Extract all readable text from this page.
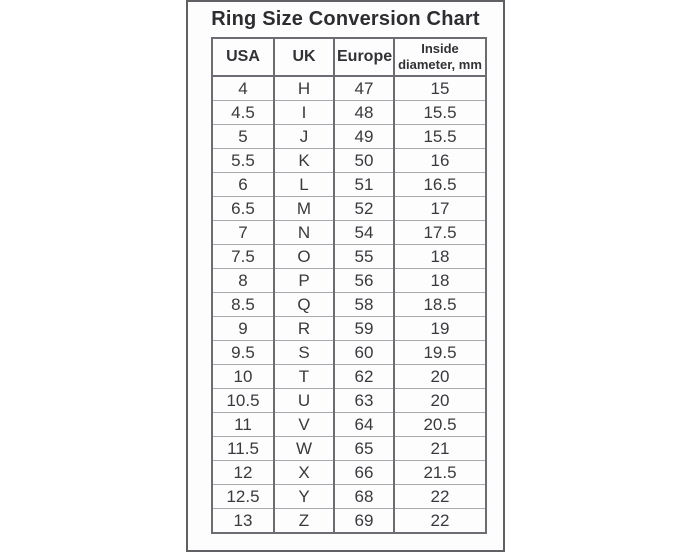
Ring Size Conversion Chart
USA	UK	Europe	Inside diameter, mm
4	H	47	15
4.5	I	48	15.5
5	J	49	15.5
5.5	K	50	16
6	L	51	16.5
6.5	M	52	17
7	N	54	17.5
7.5	O	55	18
8	P	56	18
8.5	Q	58	18.5
9	R	59	19
9.5	S	60	19.5
10	T	62	20
10.5	U	63	20
11	V	64	20.5
11.5	W	65	21
12	X	66	21.5
12.5	Y	68	22
13	Z	69	22
